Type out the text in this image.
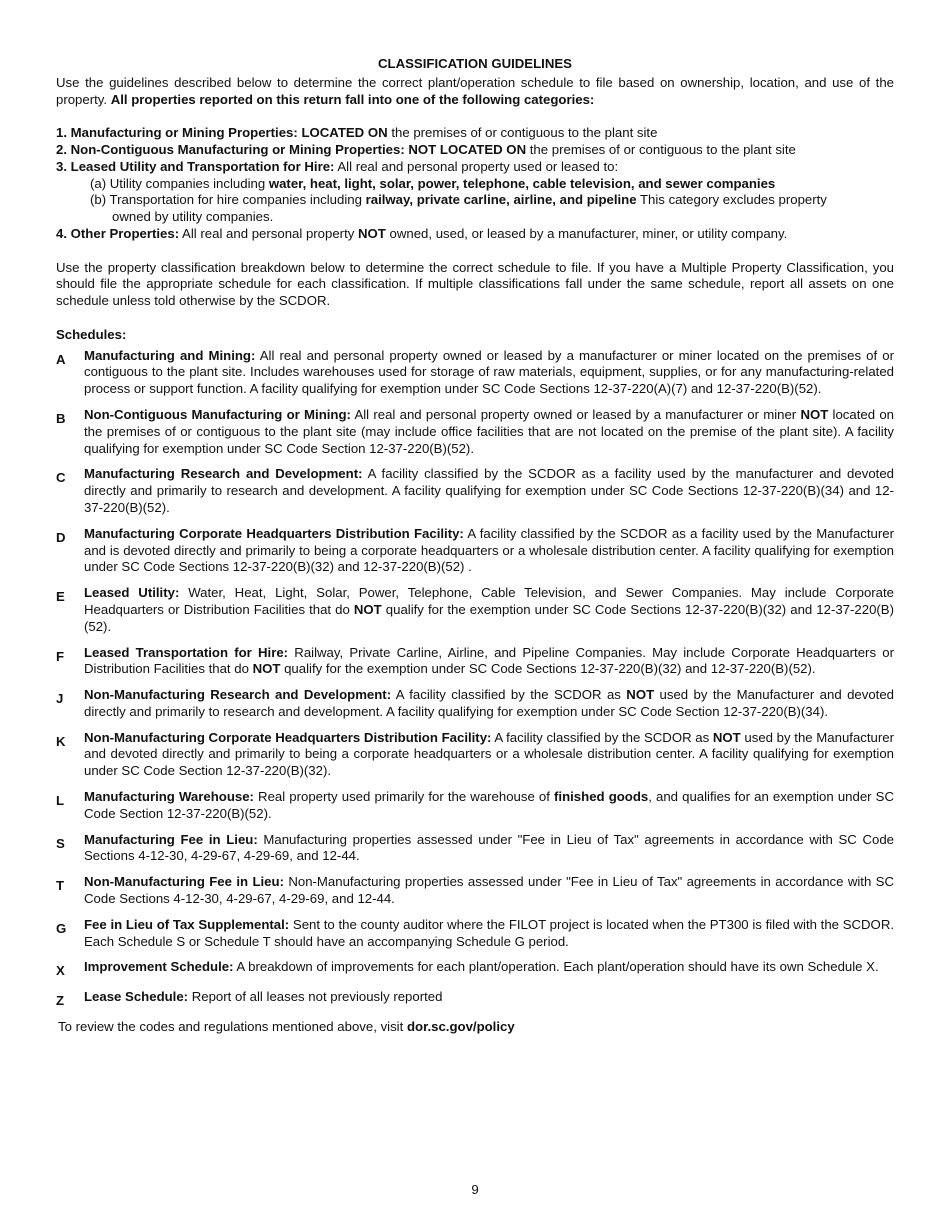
CLASSIFICATION GUIDELINES
Use the guidelines described below to determine the correct plant/operation schedule to file based on ownership, location, and use of the property. All properties reported on this return fall into one of the following categories:
1. Manufacturing or Mining Properties: LOCATED ON the premises of or contiguous to the plant site
2. Non-Contiguous Manufacturing or Mining Properties: NOT LOCATED ON the premises of or contiguous to the plant site
3. Leased Utility and Transportation for Hire: All real and personal property used or leased to:
(a) Utility companies including water, heat, light, solar, power, telephone, cable television, and sewer companies
(b) Transportation for hire companies including railway, private carline, airline, and pipeline This category excludes property
owned by utility companies.
4. Other Properties: All real and personal property NOT owned, used, or leased by a manufacturer, miner, or utility company.
Use the property classification breakdown below to determine the correct schedule to file. If you have a Multiple Property Classification, you should file the appropriate schedule for each classification. If multiple classifications fall under the same schedule, report all assets on one schedule unless told otherwise by the SCDOR.
Schedules:
A	Manufacturing and Mining: All real and personal property owned or leased by a manufacturer or miner located on the premises of or contiguous to the plant site. Includes warehouses used for storage of raw materials, equipment, supplies, or for any manufacturing-related process or support function. A facility qualifying for exemption under SC Code Sections 12-37-220(A)(7) and 12-37-220(B)(52).
B	Non-Contiguous Manufacturing or Mining: All real and personal property owned or leased by a manufacturer or miner NOT located on the premises of or contiguous to the plant site (may include office facilities that are not located on the premise of the plant site). A facility qualifying for exemption under SC Code Section 12-37-220(B)(52).
C	Manufacturing Research and Development: A facility classified by the SCDOR as a facility used by the manufacturer and devoted directly and primarily to research and development. A facility qualifying for exemption under SC Code Sections 12-37-220(B)(34) and 12-37-220(B)(52).
D	Manufacturing Corporate Headquarters Distribution Facility: A facility classified by the SCDOR as a facility used by the Manufacturer and is devoted directly and primarily to being a corporate headquarters or a wholesale distribution center. A facility qualifying for exemption under SC Code Sections 12-37-220(B)(32) and 12-37-220(B)(52) .
E	Leased Utility: Water, Heat, Light, Solar, Power, Telephone, Cable Television, and Sewer Companies. May include Corporate Headquarters or Distribution Facilities that do NOT qualify for the exemption under SC Code Sections 12-37-220(B)(32) and 12-37-220(B)(52).
F	Leased Transportation for Hire: Railway, Private Carline, Airline, and Pipeline Companies. May include Corporate Headquarters or Distribution Facilities that do NOT qualify for the exemption under SC Code Sections 12-37-220(B)(32) and 12-37-220(B)(52).
J	Non-Manufacturing Research and Development: A facility classified by the SCDOR as NOT used by the Manufacturer and devoted directly and primarily to research and development. A facility qualifying for exemption under SC Code Section 12-37-220(B)(34).
K	Non-Manufacturing Corporate Headquarters Distribution Facility: A facility classified by the SCDOR as NOT used by the Manufacturer and devoted directly and primarily to being a corporate headquarters or a wholesale distribution center. A facility qualifying for exemption under SC Code Section 12-37-220(B)(32).
L	Manufacturing Warehouse: Real property used primarily for the warehouse of finished goods, and qualifies for an exemption under SC Code Section 12-37-220(B)(52).
S	Manufacturing Fee in Lieu: Manufacturing properties assessed under "Fee in Lieu of Tax" agreements in accordance with SC Code Sections 4-12-30, 4-29-67, 4-29-69, and 12-44.
T	Non-Manufacturing Fee in Lieu: Non-Manufacturing properties assessed under "Fee in Lieu of Tax" agreements in accordance with SC Code Sections 4-12-30, 4-29-67, 4-29-69, and 12-44.
G	Fee in Lieu of Tax Supplemental: Sent to the county auditor where the FILOT project is located when the PT300 is filed with the SCDOR. Each Schedule S or Schedule T should have an accompanying Schedule G period.
X	Improvement Schedule: A breakdown of improvements for each plant/operation. Each plant/operation should have its own Schedule X.
Z	Lease Schedule: Report of all leases not previously reported
To review the codes and regulations mentioned above, visit dor.sc.gov/policy
9
